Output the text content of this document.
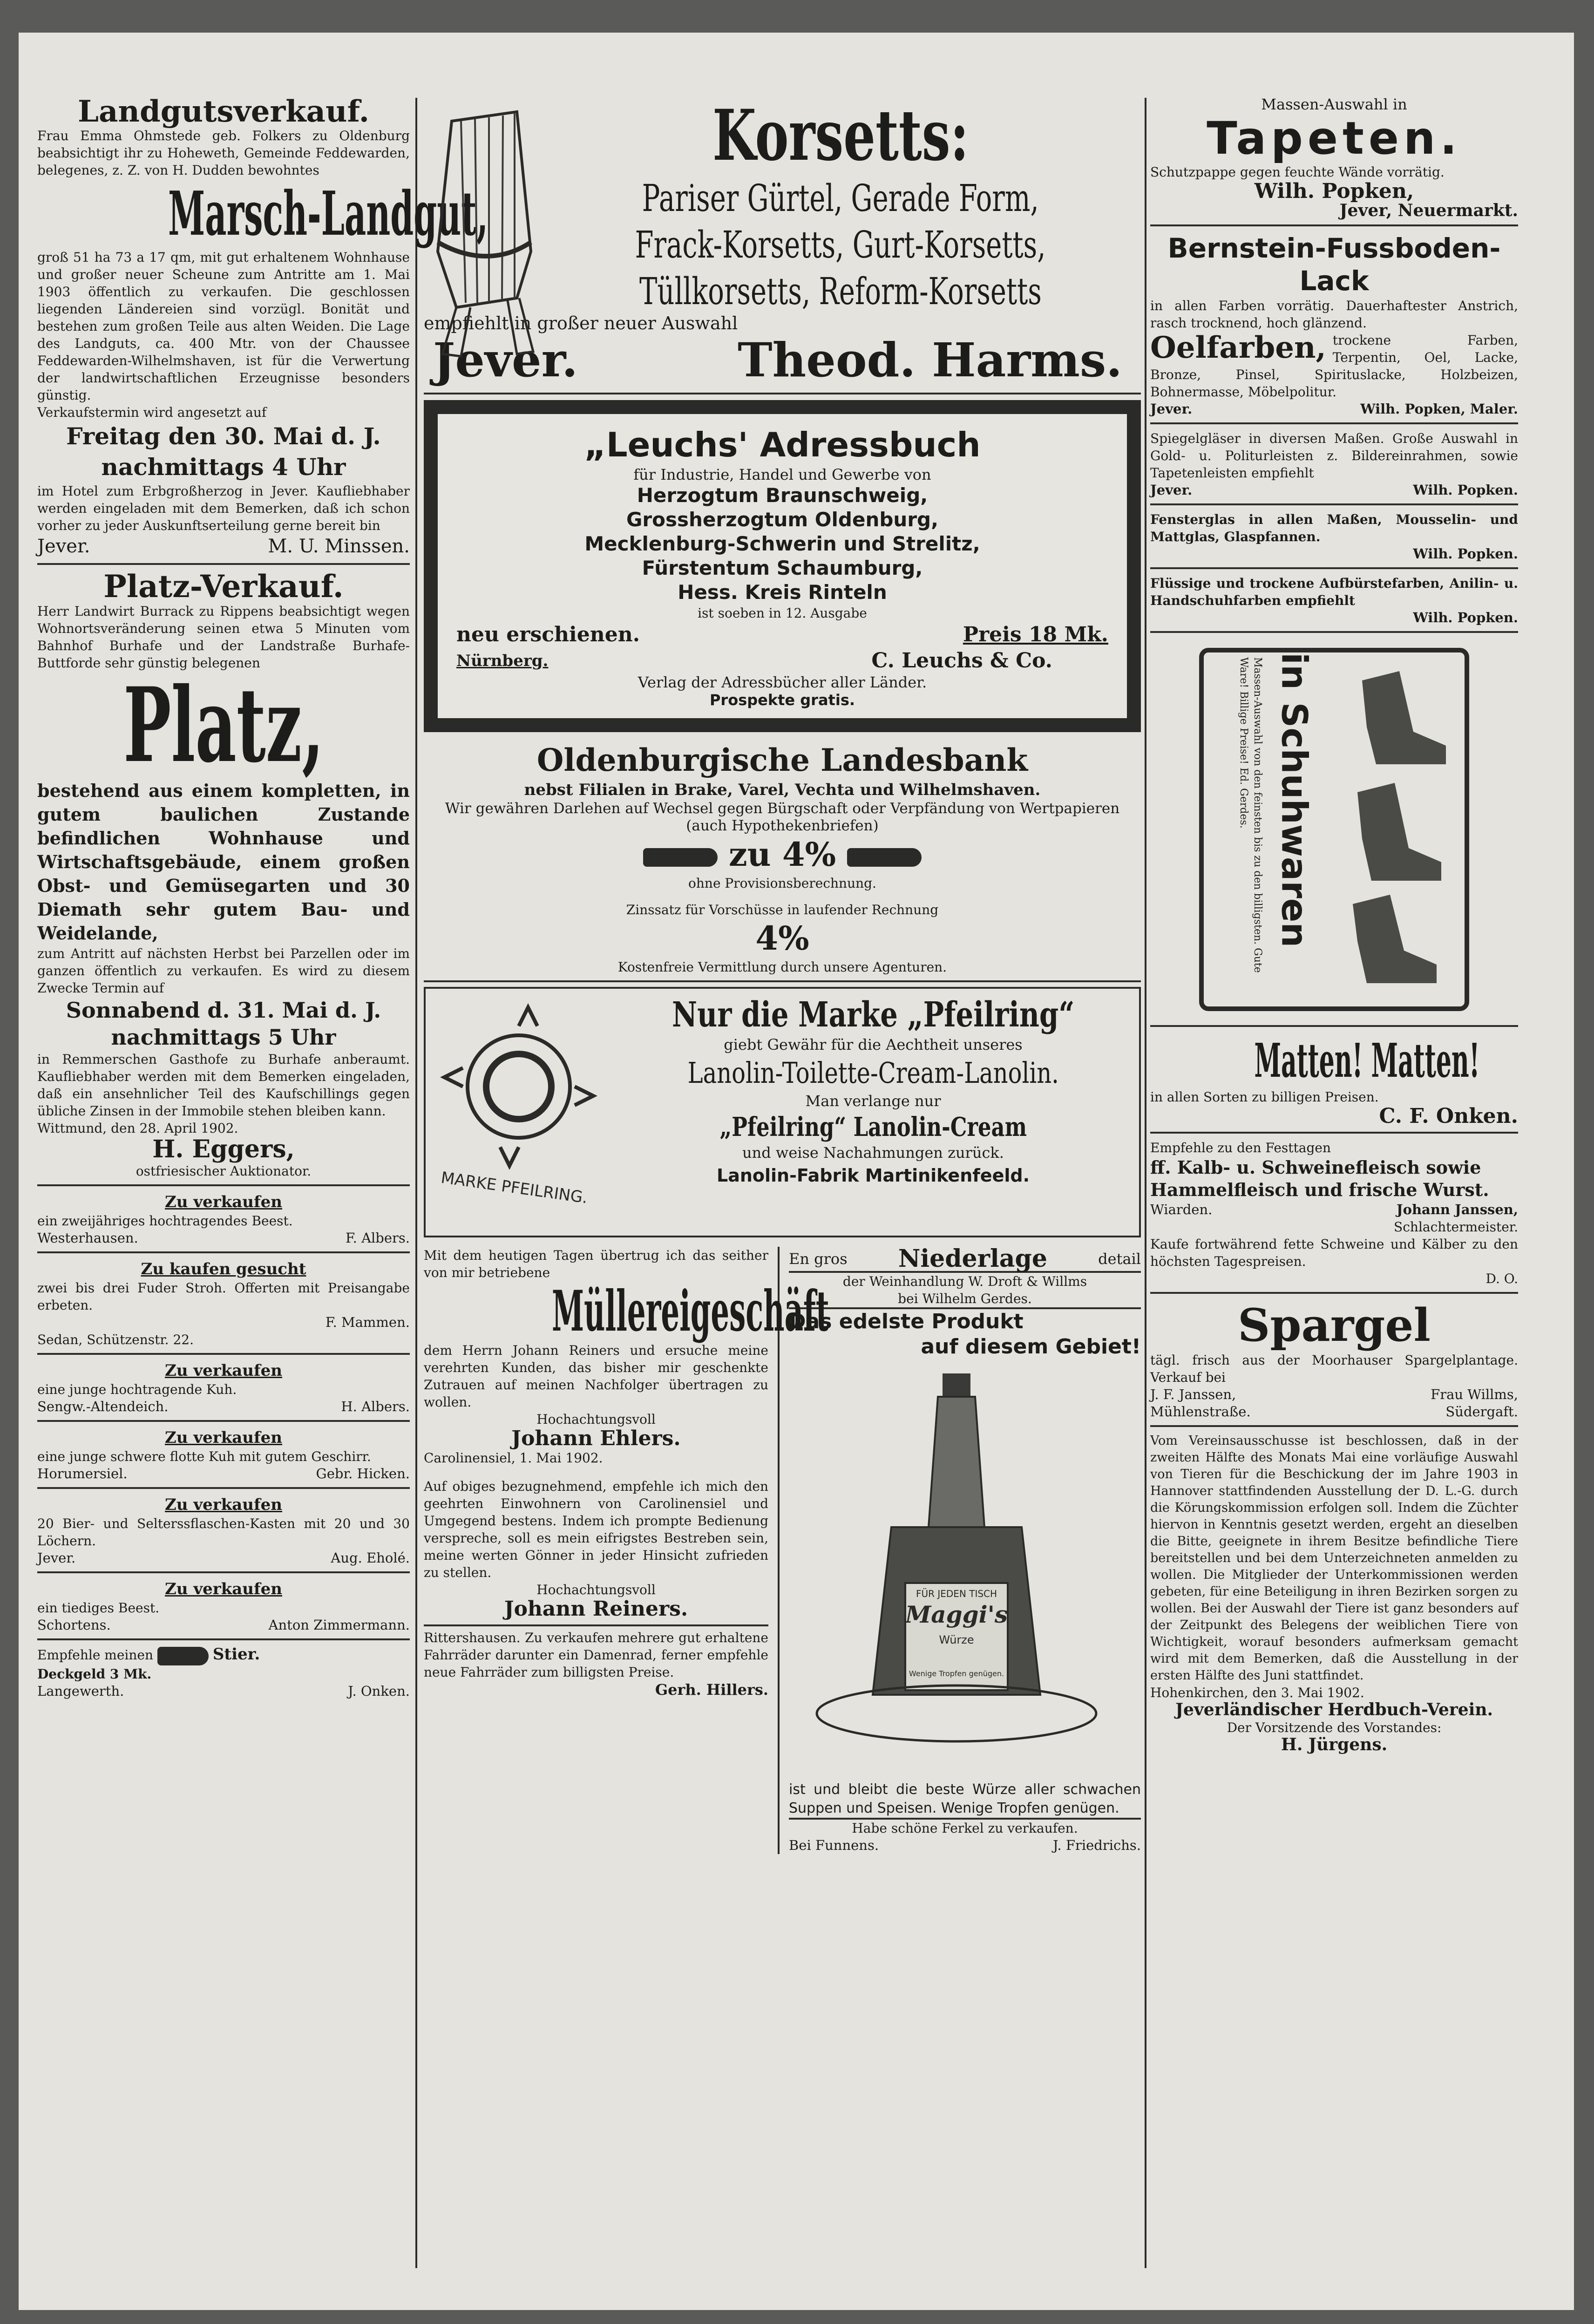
Landgutsverkauf.
Frau Emma Ohmstede geb. Folkers zu Oldenburg beabsichtigt ihr zu Hoheweth, Gemeinde Feddewarden, belegenes, z. Z. von H. Dudden bewohntes
Marsch-Landgut,
groß 51 ha 73 a 17 qm, mit gut erhaltenem Wohnhause und großer neuer Scheune zum Antritte am 1. Mai 1903 öffentlich zu verkaufen. Die geschlossen liegenden Ländereien sind vorzügl. Bonität und bestehen zum großen Teile aus alten Weiden. Die Lage des Landguts, ca. 400 Mtr. von der Chaussee Feddewarden-Wilhelmshaven, ist für die Verwertung der landwirtschaftlichen Erzeugnisse besonders günstig.
Verkaufstermin wird angesetzt auf
Freitag den 30. Mai d. J. nachmittags 4 Uhr
im Hotel zum Erbgroßherzog in Jever. Kaufliebhaber werden eingeladen mit dem Bemerken, daß ich schon vorher zu jeder Auskunftserteilung gerne bereit bin
Jever.	M. U. Minssen.
Platz-Verkauf.
Herr Landwirt Burrack zu Rippens beabsichtigt wegen Wohnortsveränderung seinen etwa 5 Minuten vom Bahnhof Burhafe und der Landstraße Burhafe-Buttforde sehr günstig belegenen
Platz,
bestehend aus einem kompletten, in gutem baulichen Zustande befindlichen Wohnhause und Wirtschaftsgebäude, einem großen Obst- und Gemüsegarten und 30 Diemath sehr gutem Bau- und Weidelande,
zum Antritt auf nächsten Herbst bei Parzellen oder im ganzen öffentlich zu verkaufen. Es wird zu diesem Zwecke Termin auf
Sonnabend d. 31. Mai d. J. nachmittags 5 Uhr
in Remmerschen Gasthofe zu Burhafe anberaumt. Kaufliebhaber werden mit dem Bemerken eingeladen, daß ein ansehnlicher Teil des Kaufschillings gegen übliche Zinsen in der Immobile stehen bleiben kann.
Wittmund, den 28. April 1902.
H. Eggers,
ostfriesischer Auktionator.
Zu verkaufen
ein zweijähriges hochtragendes Beest.
Westerhausen.	F. Albers.
Zu kaufen gesucht
zwei bis drei Fuder Stroh. Offerten mit Preisangabe erbeten.
F. Mammen.
Sedan, Schützenstr. 22.
Zu verkaufen
eine junge hochtragende Kuh.
Sengw.-Altendeich.	H. Albers.
Zu verkaufen
eine junge schwere flotte Kuh mit gutem Geschirr.
Horumersiel.	Gebr. Hicken.
Zu verkaufen
20 Bier- und Selterssflaschen-Kasten mit 20 und 30 Löchern.
Jever.	Aug. Eholé.
Zu verkaufen
ein tiediges Beest.
Schortens.	Anton Zimmermann.
Empfehle meinen	Stier.
Deckgeld 3 Mk.
Langewerth.	J. Onken.
Korsetts:
Pariser Gürtel, Gerade Form,
Frack-Korsetts, Gurt-Korsetts,
Tüllkorsetts, Reform-Korsetts
empfiehlt in großer neuer Auswahl
Jever.	Theod. Harms.
„Leuchs' Adressbuch
für Industrie, Handel und Gewerbe von
Herzogtum Braunschweig,
Grossherzogtum Oldenburg,
Mecklenburg-Schwerin und Strelitz,
Fürstentum Schaumburg,
Hess. Kreis Rinteln
ist soeben in 12. Ausgabe
neu erschienen.	Preis 18 Mk.
Nürnberg.	C. Leuchs & Co.
Verlag der Adressbücher aller Länder.
Prospekte gratis.
Oldenburgische Landesbank
nebst Filialen in Brake, Varel, Vechta und Wilhelmshaven.
Wir gewähren Darlehen auf Wechsel gegen Bürgschaft oder Verpfändung von Wertpapieren (auch Hypothekenbriefen)
zu 4%
ohne Provisionsberechnung.
Zinssatz für Vorschüsse in laufender Rechnung
4%
Kostenfreie Vermittlung durch unsere Agenturen.
MARKE PFEILRING.
Nur die Marke „Pfeilring“
giebt Gewähr für die Aechtheit unseres
Lanolin-Toilette-Cream-Lanolin.
Man verlange nur
„Pfeilring“ Lanolin-Cream
und weise Nachahmungen zurück.
Lanolin-Fabrik Martinikenfeeld.
Mit dem heutigen Tagen übertrug ich das seither von mir betriebene
Müllereigeschäft
dem Herrn Johann Reiners und ersuche meine verehrten Kunden, das bisher mir geschenkte Zutrauen auf meinen Nachfolger übertragen zu wollen.
Hochachtungsvoll
Johann Ehlers.
Carolinensiel, 1. Mai 1902.
Auf obiges bezugnehmend, empfehle ich mich den geehrten Einwohnern von Carolinensiel und Umgegend bestens. Indem ich prompte Bedienung verspreche, soll es mein eifrigstes Bestreben sein, meine werten Gönner in jeder Hinsicht zufrieden zu stellen.
Hochachtungsvoll
Johann Reiners.
Rittershausen. Zu verkaufen mehrere gut erhaltene Fahrräder darunter ein Damenrad, ferner empfehle neue Fahrräder zum billigsten Preise.
Gerh. Hillers.
En gros Niederlage	detail
der Weinhandlung W. Droft & Willms
bei Wilhelm Gerdes.
Das edelste Produkt
auf diesem Gebiet!
FÜR JEDEN TISCH
Maggi's
Würze
Wenige Tropfen genügen.
ist und bleibt die beste Würze aller schwachen Suppen und Speisen. Wenige Tropfen genügen.
Habe schöne Ferkel zu verkaufen.
Bei Funnens.	J. Friedrichs.
Massen-Auswahl in
Tapeten.
Schutzpappe gegen feuchte Wände vorrätig.
Wilh. Popken,
Jever, Neuermarkt.
Bernstein-Fussboden-Lack
in allen Farben vorrätig. Dauerhaftester Anstrich, rasch trocknend, hoch glänzend.
Oelfarben, trockene Farben, Terpentin, Oel, Lacke, Bronze, Pinsel, Spirituslacke, Holzbeizen, Bohnermasse, Möbelpolitur.
Jever.	Wilh. Popken, Maler.
Spiegelgläser in diversen Maßen. Große Auswahl in Gold- u. Politurleisten z. Bildereinrahmen, sowie Tapetenleisten empfiehlt
Jever.	Wilh. Popken.
Fensterglas in allen Maßen, Mousselin- und Mattglas, Glaspfannen.
Wilh. Popken.
Flüssige und trockene Aufbürstefarben, Anilin- u. Handschuhfarben empfiehlt
Wilh. Popken.
Massen-Auswahl von den feinsten bis zu den billigsten. Gute Ware! Billige Preise! Ed. Gerdes. in Schuhwaren
Matten! Matten!
in allen Sorten zu billigen Preisen.
C. F. Onken.
Empfehle zu den Festtagen
ff. Kalb- u. Schweinefleisch sowie Hammelfleisch und frische Wurst.
Wiarden.	Johann Janssen,
Schlachtermeister.
Kaufe fortwährend fette Schweine und Kälber zu den höchsten Tagespreisen.
D. O.
Spargel
tägl. frisch aus der Moorhauser Spargelplantage. Verkauf bei
J. F. Janssen,	Frau Willms,
Mühlenstraße.	Südergaft.
Vom Vereinsausschusse ist beschlossen, daß in der zweiten Hälfte des Monats Mai eine vorläufige Auswahl von Tieren für die Beschickung der im Jahre 1903 in Hannover stattfindenden Ausstellung der D. L.-G. durch die Körungskommission erfolgen soll. Indem die Züchter hiervon in Kenntnis gesetzt werden, ergeht an dieselben die Bitte, geeignete in ihrem Besitze befindliche Tiere bereitstellen und bei dem Unterzeichneten anmelden zu wollen. Die Mitglieder der Unterkommissionen werden gebeten, für eine Beteiligung in ihren Bezirken sorgen zu wollen. Bei der Auswahl der Tiere ist ganz besonders auf der Zeitpunkt des Belegens der weiblichen Tiere von Wichtigkeit, worauf besonders aufmerksam gemacht wird mit dem Bemerken, daß die Ausstellung in der ersten Hälfte des Juni stattfindet.
Hohenkirchen, den 3. Mai 1902.
Jeverländischer Herdbuch-Verein.
Der Vorsitzende des Vorstandes:
H. Jürgens.
